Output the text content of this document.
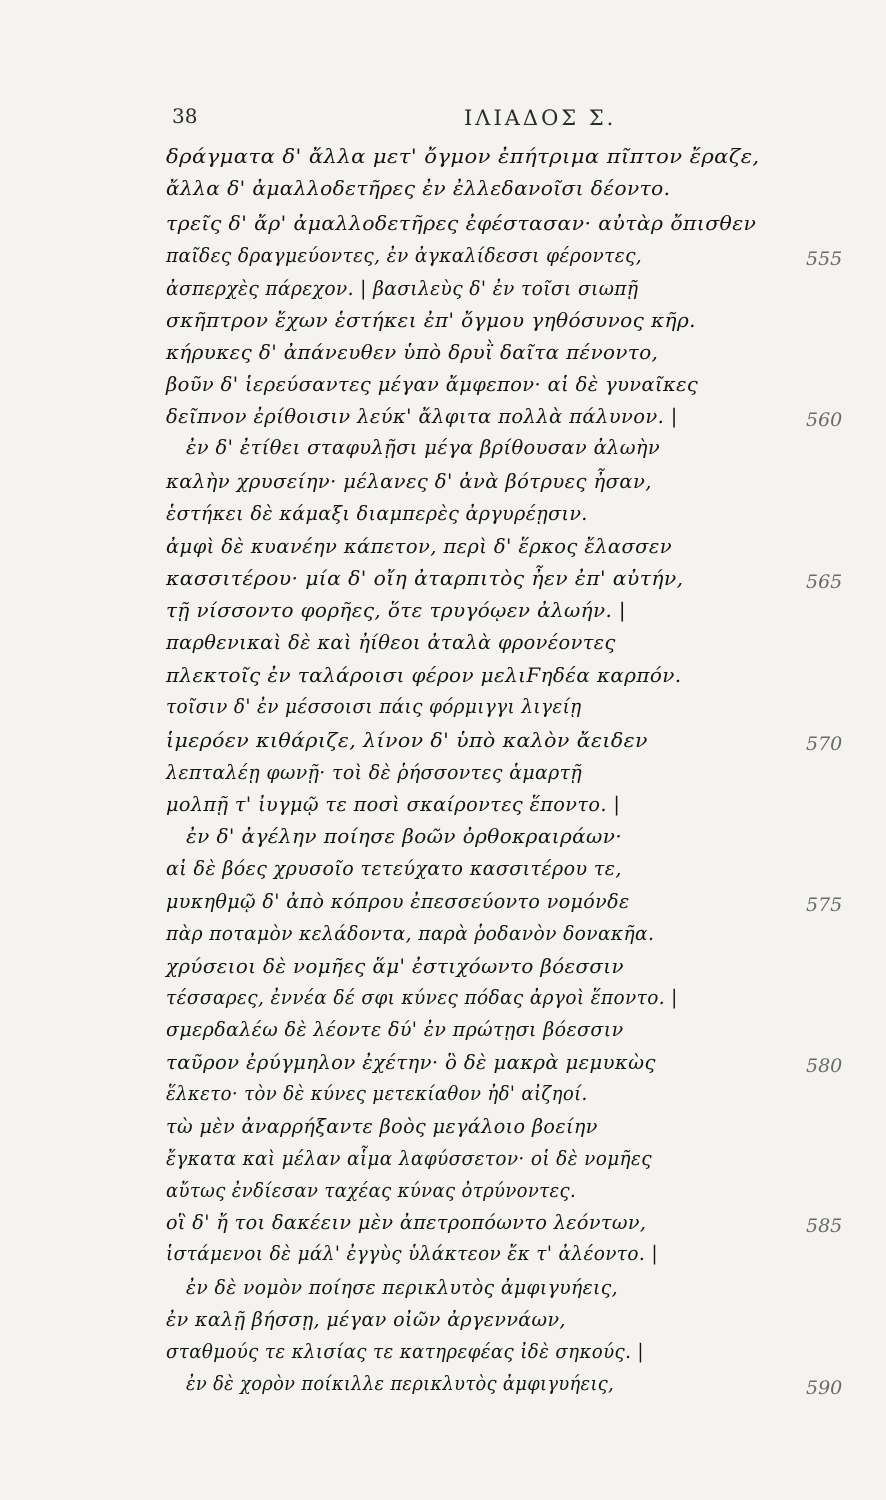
38	ΙΛΙΑΔΟΣ Σ.
δράγματα δ' ἄλλα μετ' ὄγμον ἐπήτριμα πῖπτον ἔραζε,
ἄλλα δ' ἀμαλλοδετῆρες ἐν ἐλλεδανοῖσι δέοντο.
τρεῖς δ' ἄρ' ἀμαλλοδετῆρες ἐφέστασαν· αὐτὰρ ὄπισθεν
παῖδες δραγμεύοντες, ἐν ἀγκαλίδεσσι φέροντες,
ἀσπερχὲς πάρεχον. | βασιλεὺς δ' ἐν τοῖσι σιωπῇ
σκῆπτρον ἔχων ἑστήκει ἐπ' ὄγμου γηθόσυνος κῆρ.
κήρυκες δ' ἀπάνευθεν ὑπὸ δρυῒ δαῖτα πένοντο,
βοῦν δ' ἱερεύσαντες μέγαν ἄμφεπον· αἱ δὲ γυναῖκες
δεῖπνον ἐρίθοισιν λεύκ' ἄλφιτα πολλὰ πάλυνον. |
ἐν δ' ἐτίθει σταφυλῇσι μέγα βρίθουσαν ἀλωὴν
καλὴν χρυσείην· μέλανες δ' ἀνὰ βότρυες ἦσαν,
ἑστήκει δὲ κάμαξι διαμπερὲς ἀργυρέῃσιν.
ἀμφὶ δὲ κυανέην κάπετον, περὶ δ' ἕρκος ἔλασσεν
κασσιτέρου· μία δ' οἴη ἀταρπιτὸς ἦεν ἐπ' αὐτήν,
τῇ νίσσοντο φορῆες, ὅτε τρυγόῳεν ἀλωήν. |
παρθενικαὶ δὲ καὶ ἠίθεοι ἀταλὰ φρονέοντες
πλεκτοῖς ἐν ταλάροισι φέρον μελιϜηδέα καρπόν.
τοῖσιν δ' ἐν μέσσοισι πάις φόρμιγγι λιγείῃ
ἱμερόεν κιθάριζε, λίνον δ' ὑπὸ καλὸν ἄειδεν
λεπταλέῃ φωνῇ· τοὶ δὲ ῥήσσοντες ἁμαρτῇ
μολπῇ τ' ἰυγμῷ τε ποσὶ σκαίροντες ἕποντο. |
ἐν δ' ἀγέλην ποίησε βοῶν ὀρθοκραιράων·
αἱ δὲ βόες χρυσοῖο τετεύχατο κασσιτέρου τε,
μυκηθμῷ δ' ἀπὸ κόπρου ἐπεσσεύοντο νομόνδε
πὰρ ποταμὸν κελάδοντα, παρὰ ῥοδανὸν δονακῆα.
χρύσειοι δὲ νομῆες ἅμ' ἐστιχόωντο βόεσσιν
τέσσαρες, ἐννέα δέ σφι κύνες πόδας ἀργοὶ ἕποντο. |
σμερδαλέω δὲ λέοντε δύ' ἐν πρώτῃσι βόεσσιν
ταῦρον ἐρύγμηλον ἐχέτην· ὃ δὲ μακρὰ μεμυκὼς
ἕλκετο· τὸν δὲ κύνες μετεκίαθον ἠδ' αἰζηοί.
τὼ μὲν ἀναρρήξαντε βοὸς μεγάλοιο βοείην
ἔγκατα καὶ μέλαν αἷμα λαφύσσετον· οἱ δὲ νομῆες
αὔτως ἐνδίεσαν ταχέας κύνας ὀτρύνοντες.
οἳ δ' ἤ τοι δακέειν μὲν ἀπετροπόωντο λεόντων,
ἱστάμενοι δὲ μάλ' ἐγγὺς ὑλάκτεον ἔκ τ' ἀλέοντο. |
ἐν δὲ νομὸν ποίησε περικλυτὸς ἀμφιγυήεις,
ἐν καλῇ βήσσῃ, μέγαν οἰῶν ἀργεννάων,
σταθμούς τε κλισίας τε κατηρεφέας ἰδὲ σηκούς. |
ἐν δὲ χορὸν ποίκιλλε περικλυτὸς ἀμφιγυήεις,
555
560
565
570
575
580
585
590
